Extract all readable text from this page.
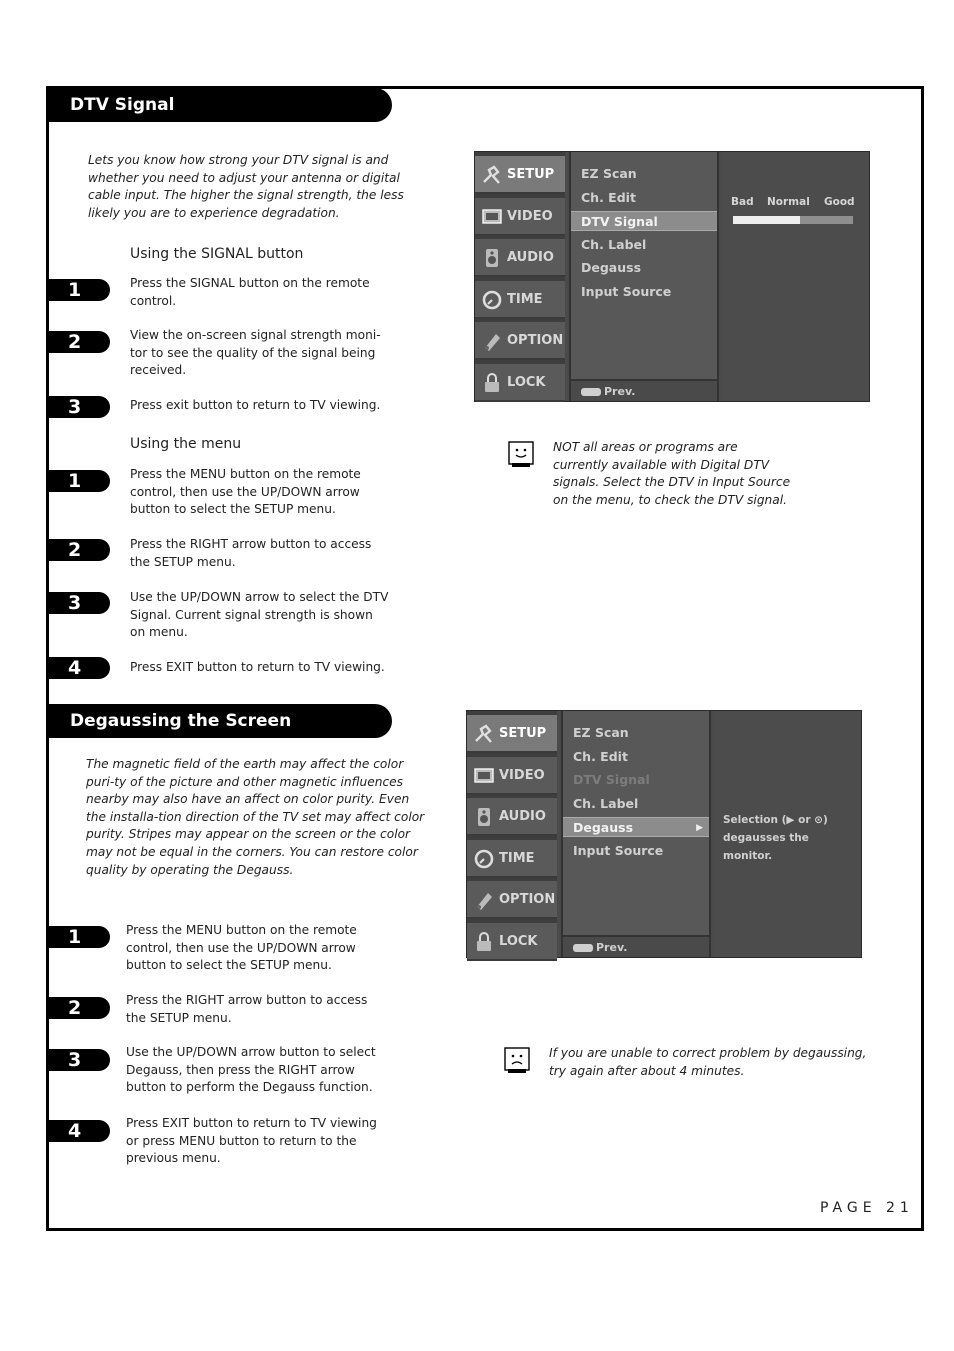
DTV Signal
Lets you know how strong your DTV signal is and whether you need to adjust your antenna or digital cable input. The higher the signal strength, the less likely you are to experience degradation.
Using the SIGNAL button
1	Press the SIGNAL button on the remote
control.
2	View the on-screen signal strength moni-
tor to see the quality of the signal being
received.
3	Press exit button to return to TV viewing.
Using the menu
1	Press the MENU button on the remote
control, then use the UP/DOWN arrow
button to select the SETUP menu.
2	Press the RIGHT arrow button to access
the SETUP menu.
3	Use the UP/DOWN arrow to select the DTV
Signal. Current signal strength is shown
on menu.
4	Press EXIT button to return to TV viewing.
SETUP
VIDEO
AUDIO
TIME
OPTION
LOCK
EZ Scan
Ch. Edit
DTV Signal
Ch. Label
Degauss
Input Source
Prev.
Bad Normal Good
NOT all areas or programs are currently available with Digital DTV signals. Select the DTV in Input Source on the menu, to check the DTV signal.
Degaussing the Screen
The magnetic field of the earth may affect the color puri-ty of the picture and other magnetic influences nearby may also have an affect on color purity. Even the installa-tion direction of the TV set may affect color purity. Stripes may appear on the screen or the color may not be equal in the corners. You can restore color quality by operating the Degauss.
1	Press the MENU button on the remote
control, then use the UP/DOWN arrow
button to select the SETUP menu.
2	Press the RIGHT arrow button to access
the SETUP menu.
3	Use the UP/DOWN arrow button to select
Degauss, then press the RIGHT arrow
button to perform the Degauss function.
4	Press EXIT button to return to TV viewing
or press MENU button to return to the
previous menu.
SETUP
VIDEO
AUDIO
TIME
OPTION
LOCK
EZ Scan
Ch. Edit
DTV Signal
Ch. Label
Degauss	▶
Input Source
Prev.
Selection (▶ or ⊙) degausses the monitor.
If you are unable to correct problem by degaussing, try again after about 4 minutes.
PAGE 21
